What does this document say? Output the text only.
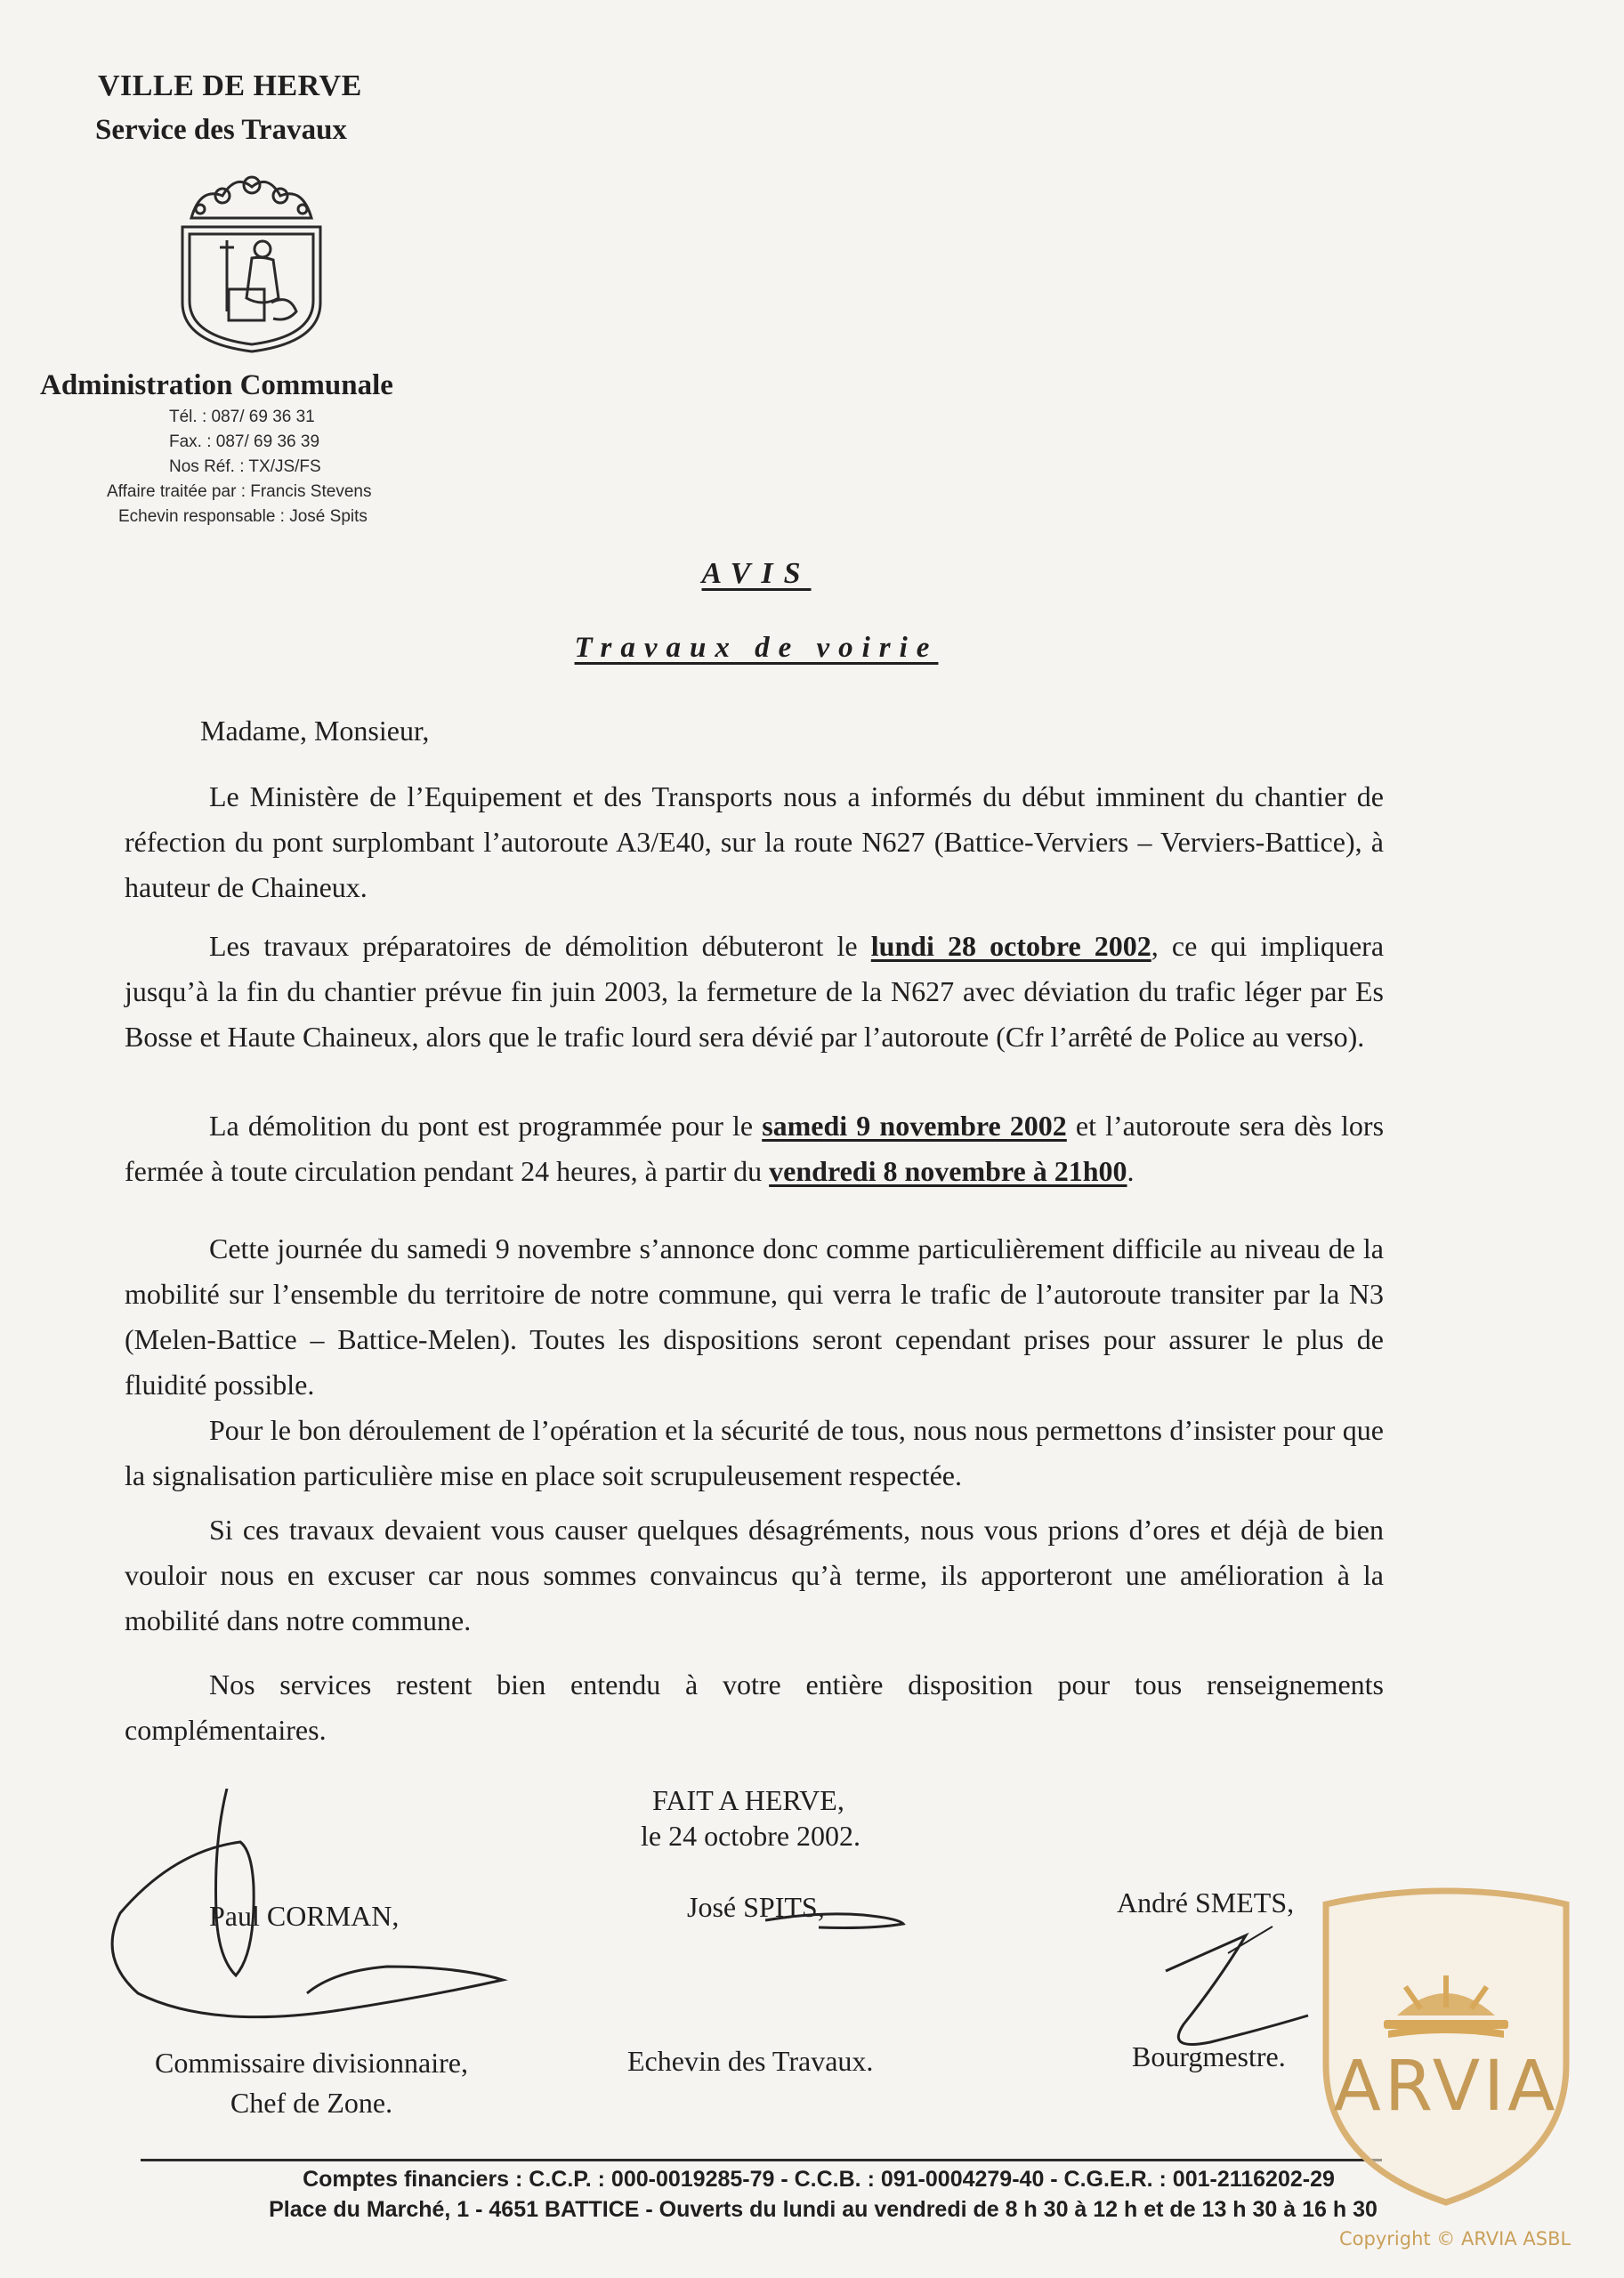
VILLE DE HERVE
Service des Travaux
Administration Communale
Tél. : 087/ 69 36 31
Fax. : 087/ 69 36 39
Nos Réf. : TX/JS/FS
Affaire traitée par : Francis Stevens
Echevin responsable : José Spits
AVIS
Travaux de voirie
Madame, Monsieur,

Le Ministère de l’Equipement et des Transports nous a informés du début imminent du chantier de réfection du pont surplombant l’autoroute A3/E40, sur la route N627 (Battice-Verviers – Verviers-Battice), à hauteur de Chaineux.

Les travaux préparatoires de démolition débuteront le lundi 28 octobre 2002, ce qui impliquera jusqu’à la fin du chantier prévue fin juin 2003, la fermeture de la N627 avec déviation du trafic léger par Es Bosse et Haute Chaineux, alors que le trafic lourd sera dévié par l’autoroute (Cfr l’arrêté de Police au verso).

La démolition du pont est programmée pour le samedi 9 novembre 2002 et l’autoroute sera dès lors fermée à toute circulation pendant 24 heures, à partir du vendredi 8 novembre à 21h00.

Cette journée du samedi 9 novembre s’annonce donc comme particulièrement difficile au niveau de la mobilité sur l’ensemble du territoire de notre commune, qui verra le trafic de l’autoroute transiter par la N3 (Melen-Battice – Battice-Melen). Toutes les dispositions seront cependant prises pour assurer le plus de fluidité possible.

Pour le bon déroulement de l’opération et la sécurité de tous, nous nous permettons d’insister pour que la signalisation particulière mise en place soit scrupuleusement respectée.

Si ces travaux devaient vous causer quelques désagréments, nous vous prions d’ores et déjà de bien vouloir nous en excuser car nous sommes convaincus qu’à terme, ils apporteront une amélioration à la mobilité dans notre commune.

Nos services restent bien entendu à votre entière disposition pour tous renseignements complémentaires.

FAIT A HERVE,
le 24 octobre 2002.
Paul CORMAN,
Commissaire divisionnaire,
Chef de Zone.
José SPITS,
Echevin des Travaux.
André SMETS,
Bourgmestre.
Comptes financiers : C.C.P. : 000-0019285-79 - C.C.B. : 091-0004279-40 - C.G.E.R. : 001-2116202-29
Place du Marché, 1 - 4651 BATTICE - Ouverts du lundi au vendredi de 8 h 30 à 12 h et de 13 h 30 à 16 h 30
ARVIA
Copyright © ARVIA ASBL
